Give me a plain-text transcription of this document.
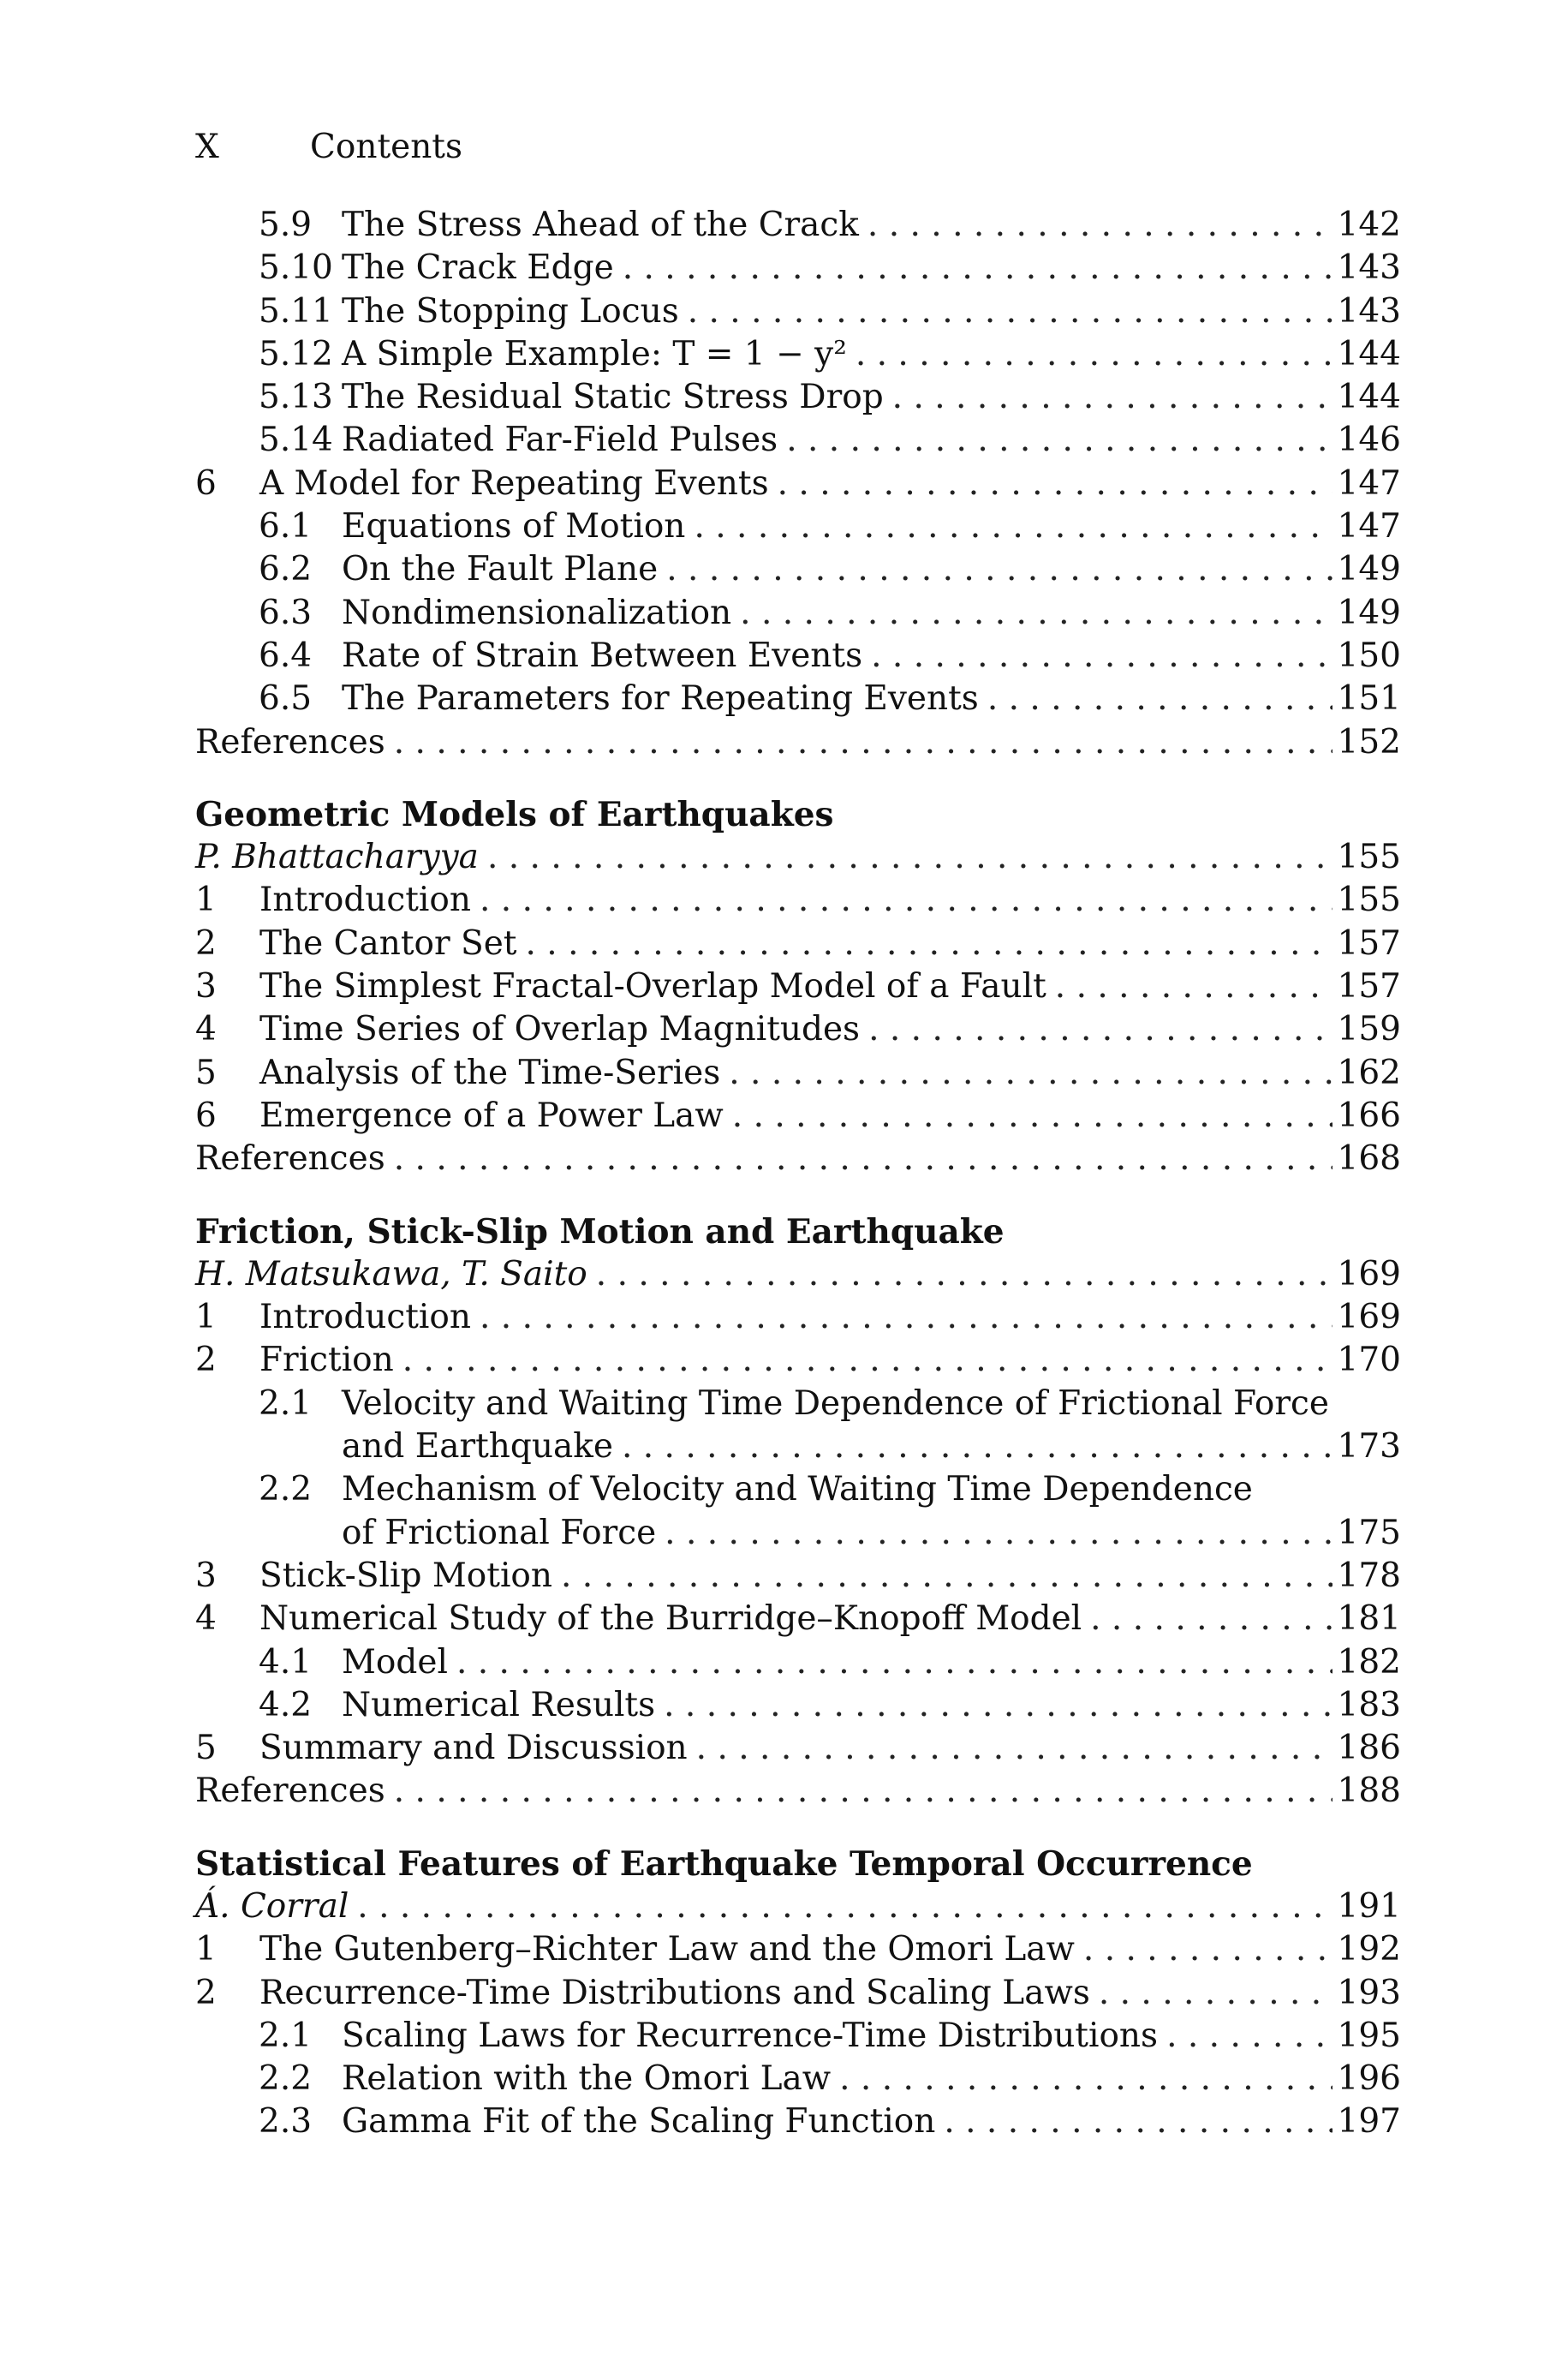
X	Contents
5.9 The Stress Ahead of the Crack . . .	142
5.10 The Crack Edge . . .	143
5.11 The Stopping Locus . . .	143
5.12 A Simple Example: T = 1 − y² . . .	144
5.13 The Residual Static Stress Drop . . .	144
5.14 Radiated Far-Field Pulses . . .	146
6	A Model for Repeating Events . . .	147
6.1 Equations of Motion . . .	147
6.2 On the Fault Plane . . .	149
6.3 Nondimensionalization . . .	149
6.4 Rate of Strain Between Events . . .	150
6.5 The Parameters for Repeating Events . . .	151
References . . .	152
Geometric Models of Earthquakes
P. Bhattacharyya . . .	155
1	Introduction . . .	155
2	The Cantor Set . . .	157
3	The Simplest Fractal-Overlap Model of a Fault . . .	157
4	Time Series of Overlap Magnitudes . . .	159
5	Analysis of the Time-Series . . .	162
6	Emergence of a Power Law . . .	166
References . . .	168
Friction, Stick-Slip Motion and Earthquake
H. Matsukawa, T. Saito . . .	169
1	Introduction . . .	169
2	Friction . . .	170
2.1 Velocity and Waiting Time Dependence of Frictional Force
and Earthquake . . .	173
2.2 Mechanism of Velocity and Waiting Time Dependence
of Frictional Force . . .	175
3	Stick-Slip Motion . . .	178
4	Numerical Study of the Burridge–Knopoff Model . . .	181
4.1 Model . . .	182
4.2 Numerical Results . . .	183
5	Summary and Discussion . . .	186
References . . .	188
Statistical Features of Earthquake Temporal Occurrence
Á. Corral . . .	191
1	The Gutenberg–Richter Law and the Omori Law . . .	192
2	Recurrence-Time Distributions and Scaling Laws . . .	193
2.1 Scaling Laws for Recurrence-Time Distributions . . .	195
2.2 Relation with the Omori Law . . .	196
2.3 Gamma Fit of the Scaling Function . . .	197
